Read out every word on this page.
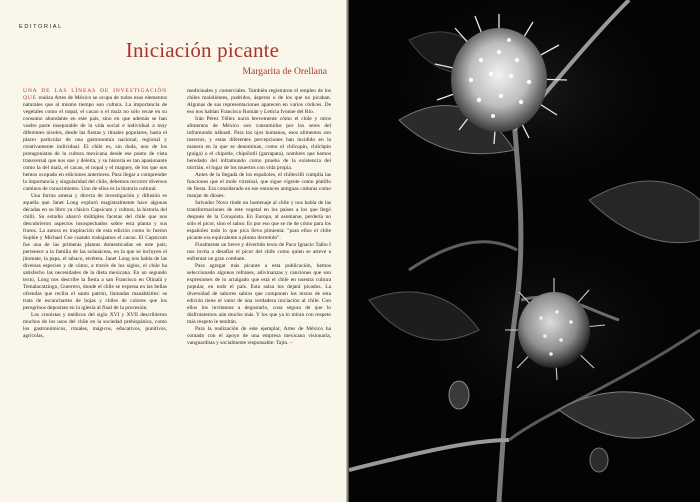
EDITORIAL
Iniciación picante
Margarita de Orellana

UNA DE LAS LÍNEAS DE INVESTIGACIÓN QUE realiza Artes de México se ocupa de todos esos elementos naturales que al mismo tiempo son cultura. La importancia de vegetales como el nopal, el cacao o el maíz no sólo recae en su consumo abundante en este país, sino en que además se han vuelto parte inseparable de la vida social e individual a muy diferentes niveles, desde las fiestas y rituales populares, hasta el placer particular de una gastronomía nacional, regional y creativamente individual. El chile es, sin duda, uno de los protagonistas de la cultura mexicana desde ese punto de vista transversal que nos une y deleita, y su historia es tan apasionante como la del maíz, el cacao, el nopal y el maguey, de los que nos hemos ocupado en ediciones anteriores. Para llegar a comprender la importancia y singularidad del chile, debemos recorrer diversos caminos de conocimiento. Uno de ellos es la historia cultural.

Una forma amena y directa de investigación y difusión es aquella que Janet Long exploró magistralmente hace algunas décadas en su libro ya clásico Capsicum y cultura, la historia del chilli. Su estudio abarcó múltiples facetas del chile que nos descubrieron aspectos insospechados sobre esta planta y sus frutos. La autora es inspiración de esta edición como lo fueron Sophie y Michael Coe cuando trabajamos el cacao. El Capsicum fue una de las primeras plantas domesticadas en este país; pertenece a la familia de las solanáceas, en la que se incluyen el jitomate, la papa, el tabaco, etcétera. Janet Long nos habla de las diversas especies y de cómo, a través de los siglos, el chile ha satisfecho las necesidades de la dieta mexicana. En un segundo texto, Long nos describe la fiesta a san Francisco en Olinalá y Temalacatzingo, Guerrero, donde el chile se expresa en las bellas ofrendas que reciba el santo patrón, llamadas manáhkitles: se trata de escanchartes de hojas y chiles de colores que los peregrinos depositan en la iglesia al final de la procesión.

Los cronistas y médicos del siglo XVI y XVII describieron muchos de los usos del chile en la sociedad prehispánica, como los gastronómicos, rituales, mágicos, educativos, punitivos, agrícolas,

medicinales y comerciales. También registraron el empleo de los chiles maloliéntes, podridos, ásperos o de los que no picaban. Algunas de sus representaciones aparecen en varios códices. De eso nos hablan Francisco Román y Leticia Ivonne del Río.

Irán Pérez Téllez narra brevemente cómo el chile y otros alimentos de México son consumidos por los seres del inframundo náhuatl. Para los ojos humanos, esos alimentos son insectos, y estas diferentes percepciones han incidido en la manera en la que se denominan, como el chilcopin, chilchpin (pulga) o el chipotle, chipólotli (garrapata), nombres que hemos heredado del inframundo como prueba de la existencia del mictlán, el lugar de los muertos con vida propia.

Antes de la llegada de los españoles, el chiltecilli cumplía las funciones que el mole virreinal, que sigue vigente como platillo de fiesta. Era considerado en ese entonces antiguas culturas como manjar de dioses.

Salvador Novo rinde un homenaje al chile y nos habla de las transformaciones de este vegetal en los países a los que llegó después de la Conquista. En Europa, al asomarse, perdería no sólo el picor, sino el sabor. Es por eso que se ríe de cómo para los españoles todo lo que pica lleva pimienta: "para ellos el chile picante era equivalente a plomo derretido".

Finalmente un breve y divertido texto de Paco Ignacio Taibo I nos invita a desafiar el picor del chile como quien se atreve a enfrentar un gran combate.

Para agregar más picante a esta publicación, hemos seleccionado algunos refranes, adivinanzas y canciones que son expresiones de lo arraigado que está el chile en nuestra cultura popular, en todo el país. Esta salsa los dejará picados. La diversidad de sabores sabios que componen los textos de esta edición tiene el valor de una verdadera iniciación al chile. Con ellos los invitamos a degustarlo, cosa segura de que lo disfrutaremos aún mucho más. Y los que ya lo miran con respeto más respeto le tendrán.

Para la realización de este ejemplar, Artes de México ha contado con el apoyo de una empresa mexicana visionaria, vanguardista y socialmente responsable: Tajín. ~
